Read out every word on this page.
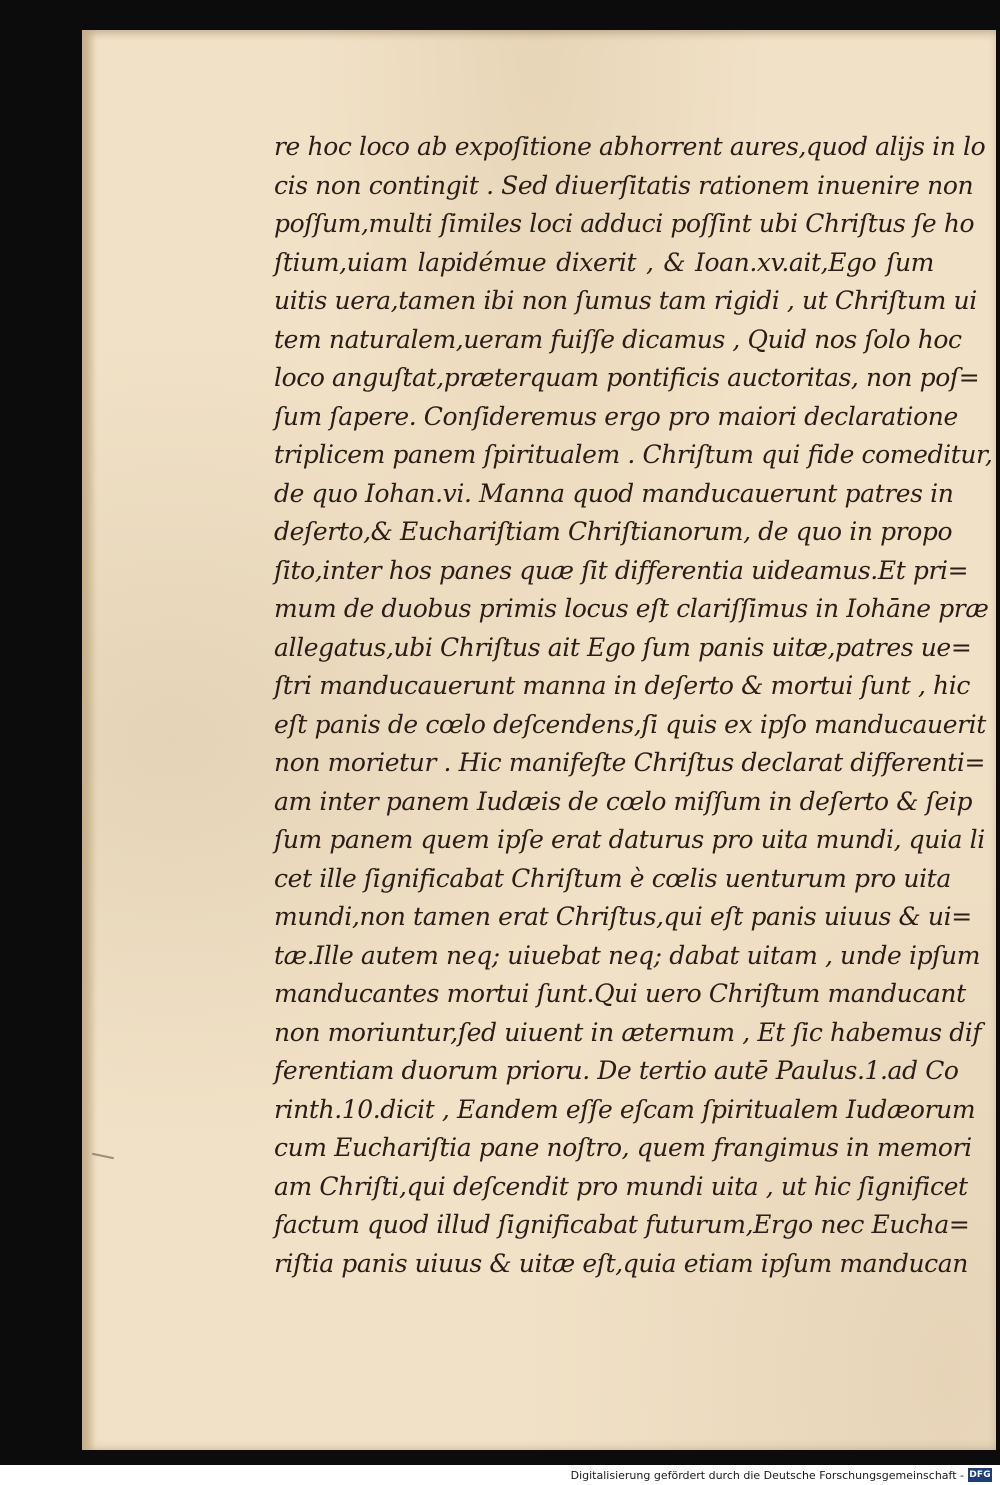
re hoc loco ab expoſitione abhorrent aures,quod alijs in lo
cis non contingit . Sed diuerſitatis rationem inuenire non
poſſum,multi ſimiles loci adduci poſſint ubi Chriſtus ſe ho
ſtium,uiam lapidémue dixerit , & Ioan.xv.ait,Ego ſum
uitis uera,tamen ibi non ſumus tam rigidi , ut Chriſtum ui
tem naturalem,ueram fuiſſe dicamus , Quid nos ſolo hoc
loco anguſtat,præterquam pontificis auctoritas, non poſ=
ſum ſapere. Conſideremus ergo pro maiori declaratione
triplicem panem ſpiritualem . Chriſtum qui fide comeditur,
de quo Iohan.vi. Manna quod manducauerunt patres in
deſerto,& Euchariſtiam Chriſtianorum, de quo in propo
ſito,inter hos panes quæ ſit differentia uideamus.Et pri=
mum de duobus primis locus eſt clariſſimus in Iohāne præ
allegatus,ubi Chriſtus ait Ego ſum panis uitæ,patres ue=
ſtri manducauerunt manna in deſerto & mortui ſunt , hic
eſt panis de cœlo deſcendens,ſi quis ex ipſo manducauerit
non morietur . Hic manifeſte Chriſtus declarat differenti=
am inter panem Iudæis de cœlo miſſum in deſerto & ſeip
ſum panem quem ipſe erat daturus pro uita mundi, quia li
cet ille ſignificabat Chriſtum è cœlis uenturum pro uita
mundi,non tamen erat Chriſtus,qui eſt panis uiuus & ui=
tæ.Ille autem neq; uiuebat neq; dabat uitam , unde ipſum
manducantes mortui ſunt.Qui uero Chriſtum manducant
non moriuntur,ſed uiuent in æternum , Et ſic habemus dif
ferentiam duorum prioru. De tertio autē Paulus.1.ad Co
rinth.10.dicit , Eandem eſſe eſcam ſpiritualem Iudæorum
cum Euchariſtia pane noſtro, quem frangimus in memori
am Chriſti,qui deſcendit pro mundi uita , ut hic ſignificet
factum quod illud ſignificabat futurum,Ergo nec Eucha=
riſtia panis uiuus & uitæ eſt,quia etiam ipſum manducan
Digitalisierung gefördert durch die Deutsche Forschungsgemeinschaft - DFG
